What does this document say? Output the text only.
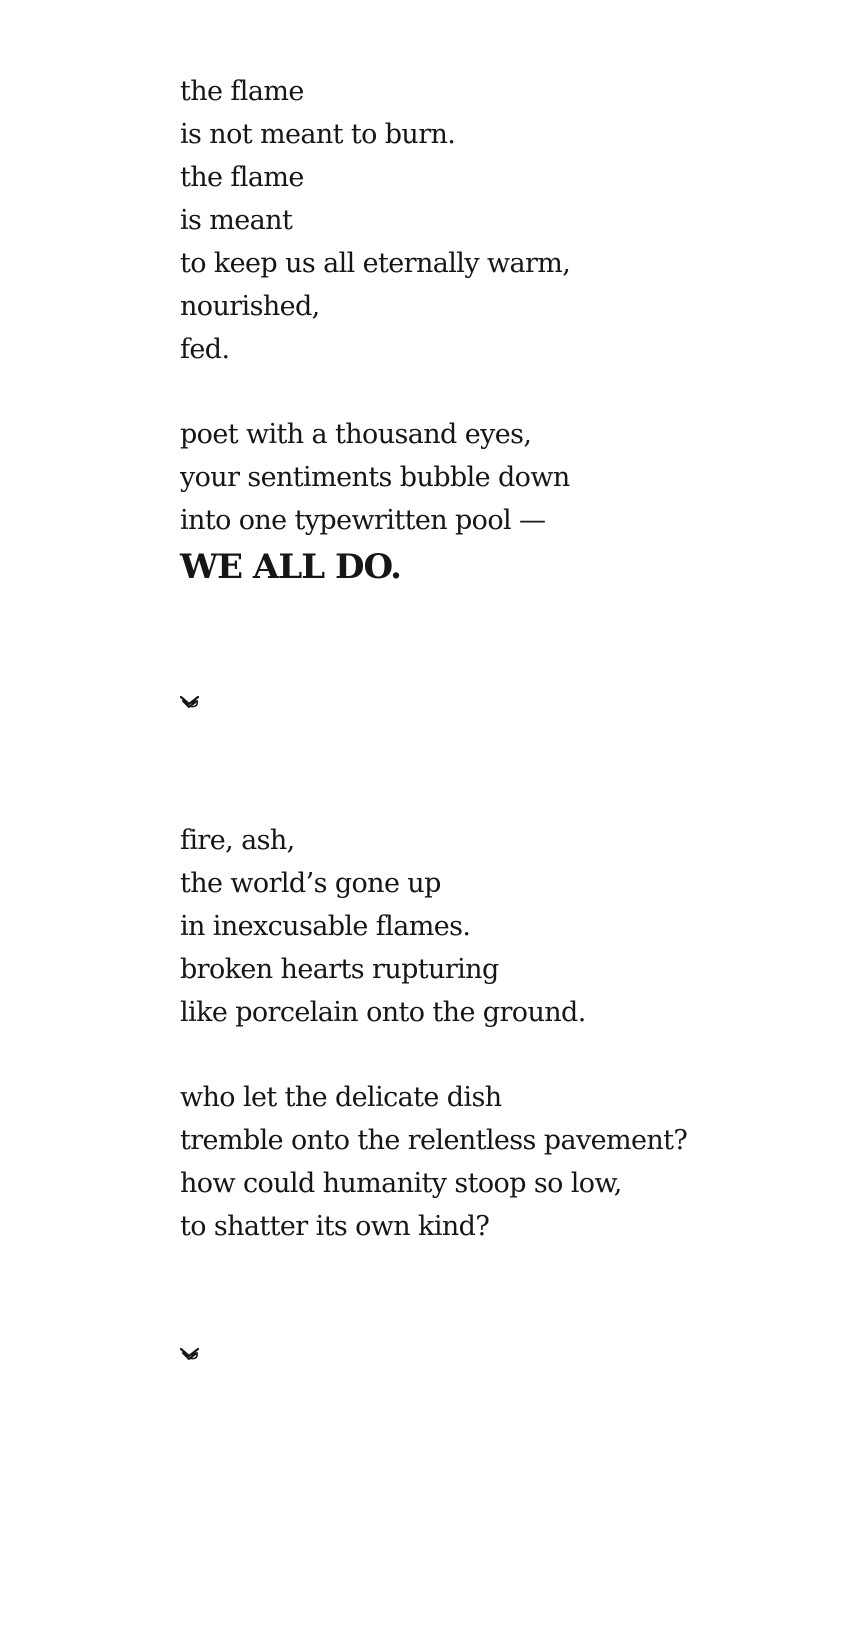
the flame
is not meant to burn.
the flame
is meant
to keep us all eternally warm,
nourished,
fed.
poet with a thousand eyes,
your sentiments bubble down
into one typewritten pool —
WE ALL DO.
fire, ash,
the world’s gone up
in inexcusable flames.
broken hearts rupturing
like porcelain onto the ground.
who let the delicate dish
tremble onto the relentless pavement?
how could humanity stoop so low,
to shatter its own kind?
